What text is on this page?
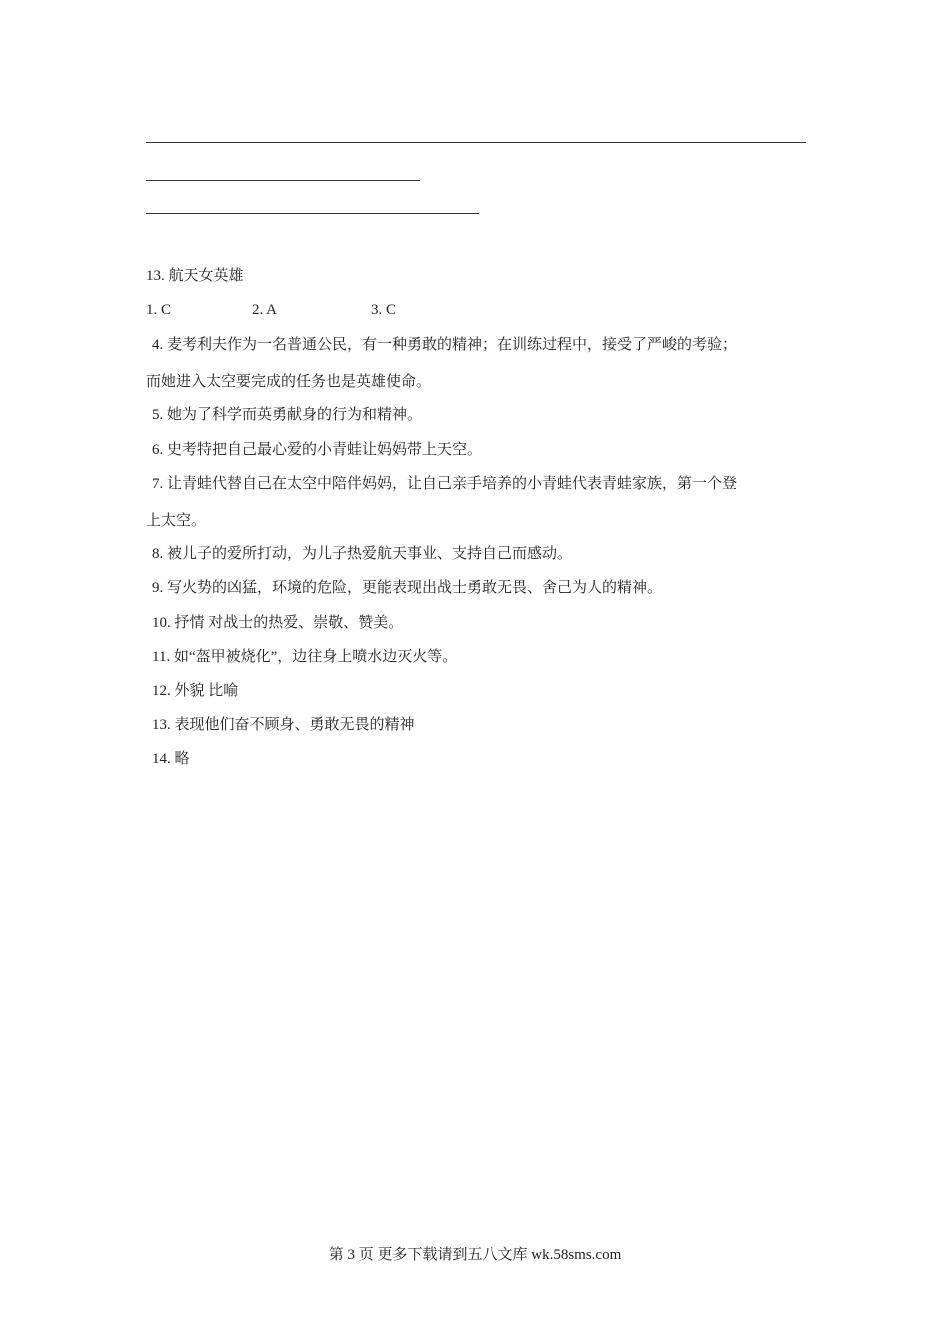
13. 航天女英雄
1. C	2. A	3. C
4. 麦考利夫作为一名普通公民，有一种勇敢的精神；在训练过程中，接受了严峻的考验；
而她进入太空要完成的任务也是英雄使命。
5. 她为了科学而英勇献身的行为和精神。
6. 史考特把自己最心爱的小青蛙让妈妈带上天空。
7. 让青蛙代替自己在太空中陪伴妈妈，让自己亲手培养的小青蛙代表青蛙家族，第一个登
上太空。
8. 被儿子的爱所打动，为儿子热爱航天事业、支持自己而感动。
9. 写火势的凶猛，环境的危险，更能表现出战士勇敢无畏、舍己为人的精神。
10. 抒情 对战士的热爱、崇敬、赞美。
11. 如“盔甲被烧化”，边往身上喷水边灭火等。
12. 外貌 比喻
13. 表现他们奋不顾身、勇敢无畏的精神
14. 略
第 3 页 更多下载请到五八文库 wk.58sms.com
